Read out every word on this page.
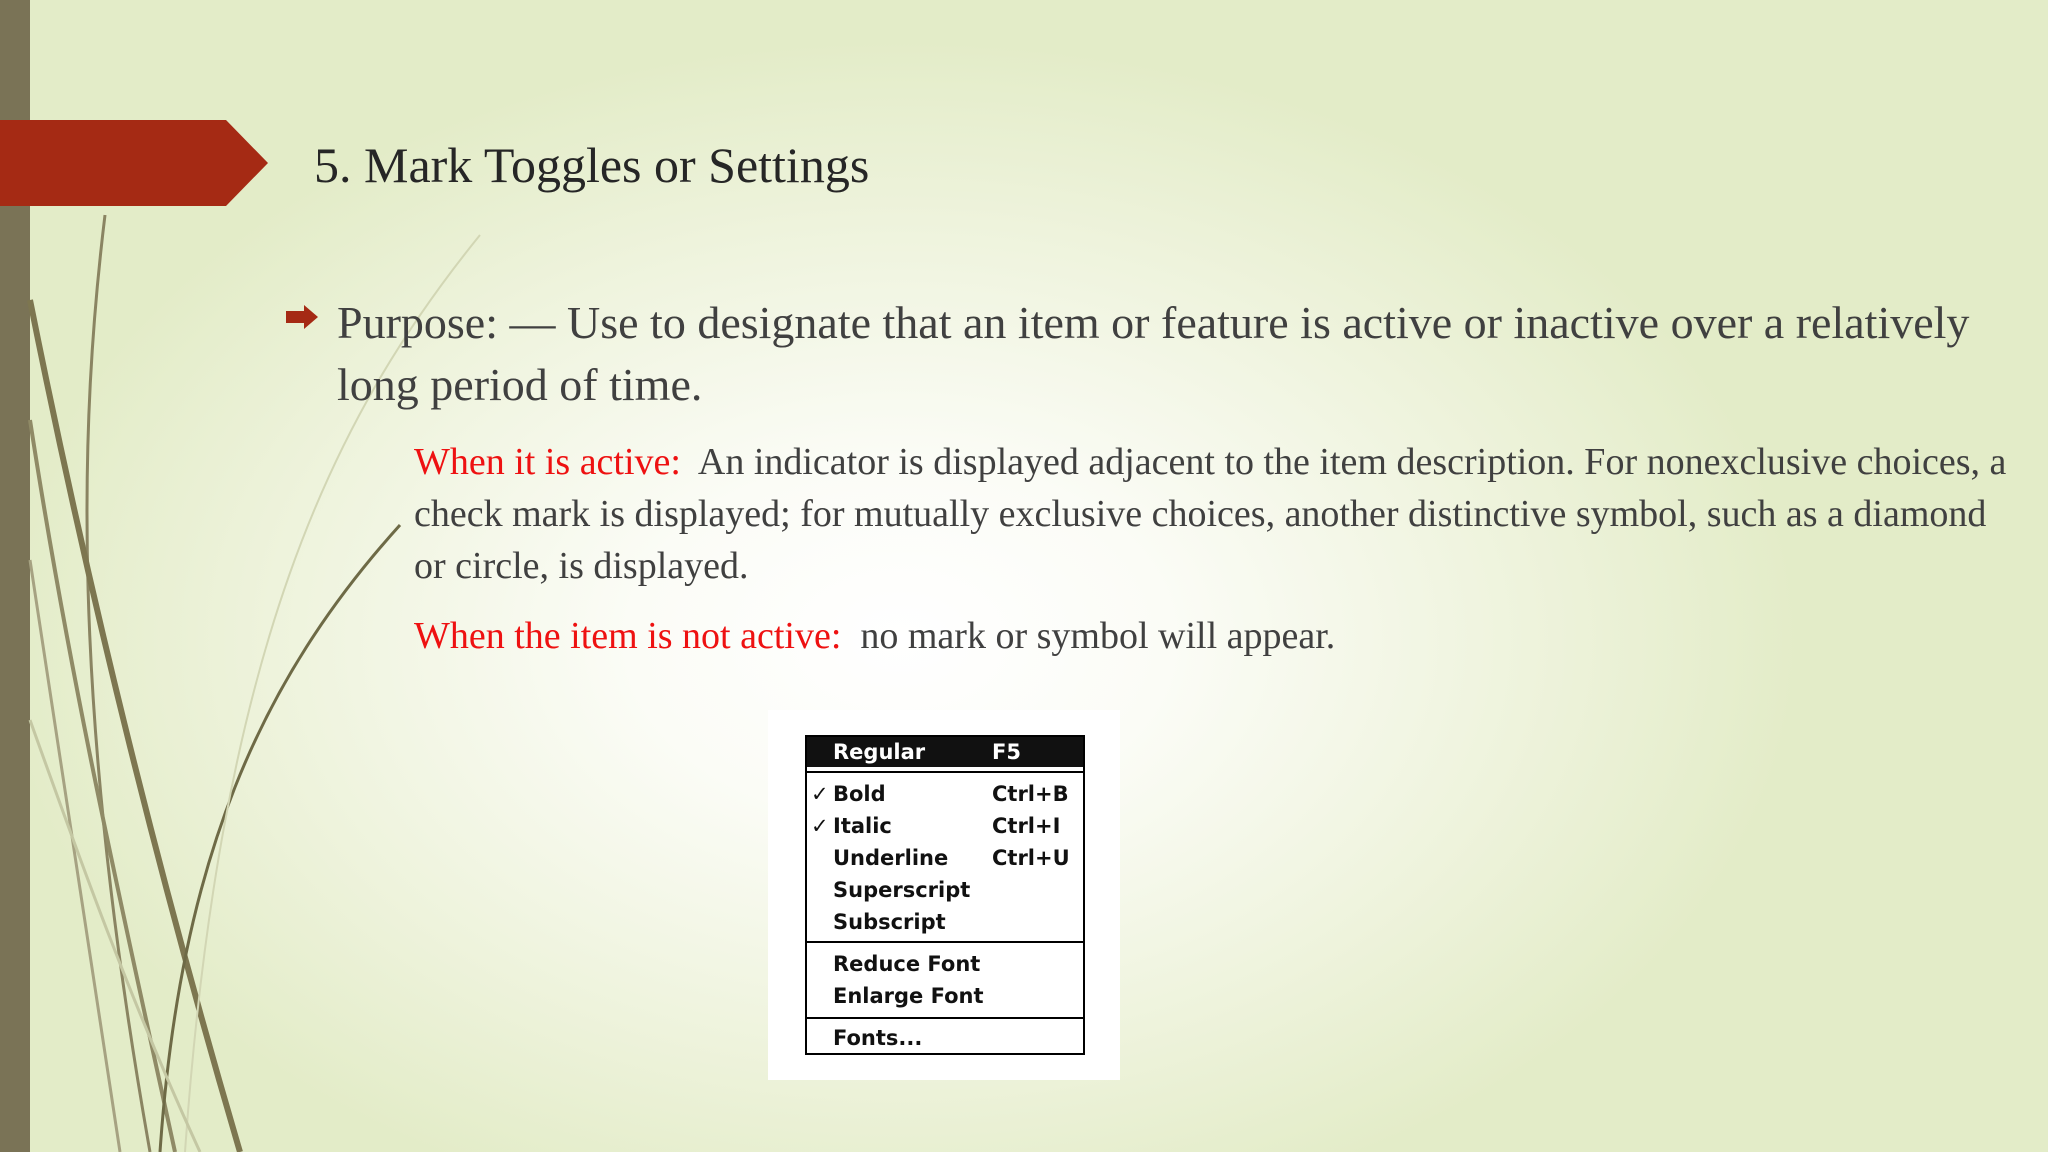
5. Mark Toggles or Settings

Purpose: — Use to designate that an item or feature is active or inactive over a relatively long period of time.

When it is active: An indicator is displayed adjacent to the item description. For nonexclusive choices, a check mark is displayed; for mutually exclusive choices, another distinctive symbol, such as a diamond or circle, is displayed.

When the item is not active: no mark or symbol will appear.

Regular	F5
✓ Bold	Ctrl+B
✓ Italic	Ctrl+I
Underline Ctrl+U
Superscript
Subscript
Reduce Font
Enlarge Font
Fonts...
